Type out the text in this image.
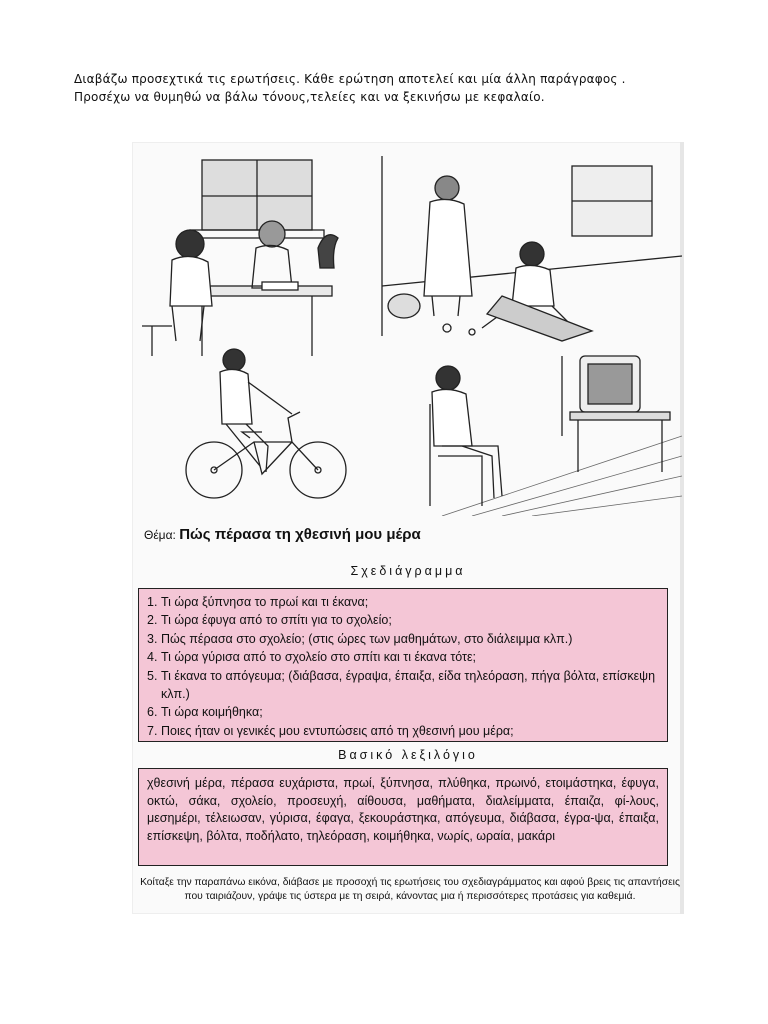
Διαβάζω προσεχτικά τις ερωτήσεις. Κάθε ερώτηση αποτελεί και μία άλλη παράγραφος .
Προσέχω να θυμηθώ να βάλω τόνους,τελείες και να ξεκινήσω με κεφαλαίο.
Θέμα: Πώς πέρασα τη χθεσινή μου μέρα
Σχεδιάγραμμα
1. Τι ώρα ξύπνησα το πρωί και τι έκανα;
2. Τι ώρα έφυγα από το σπίτι για το σχολείο;
3. Πώς πέρασα στο σχολείο; (στις ώρες των μαθημάτων, στο διάλειμμα κλπ.)
4. Τι ώρα γύρισα από το σχολείο στο σπίτι και τι έκανα τότε;
5. Τι έκανα το απόγευμα; (διάβασα, έγραψα, έπαιξα, είδα τηλεόραση, πήγα βόλτα, επίσκεψη κλπ.)
6. Τι ώρα κοιμήθηκα;
7. Ποιες ήταν οι γενικές μου εντυπώσεις από τη χθεσινή μου μέρα;
Βασικό λεξιλόγιο
χθεσινή μέρα, πέρασα ευχάριστα, πρωί, ξύπνησα, πλύθηκα, πρωινό, ετοιμάστηκα, έφυγα, οκτώ, σάκα, σχολείο, προσευχή, αίθουσα, μαθήματα, διαλείμματα, έπαιζα, φί-λους, μεσημέρι, τέλειωσαν, γύρισα, έφαγα, ξεκουράστηκα, απόγευμα, διάβασα, έγρα-ψα, έπαιξα, επίσκεψη, βόλτα, ποδήλατο, τηλεόραση, κοιμήθηκα, νωρίς, ωραία, μακάρι
Κοίταξε την παραπάνω εικόνα, διάβασε με προσοχή τις ερωτήσεις του σχεδιαγράμματος και αφού βρεις τις απαντήσεις που ταιριάζουν, γράψε τις ύστερα με τη σειρά, κάνοντας μια ή περισσότερες προτάσεις για καθεμιά.
